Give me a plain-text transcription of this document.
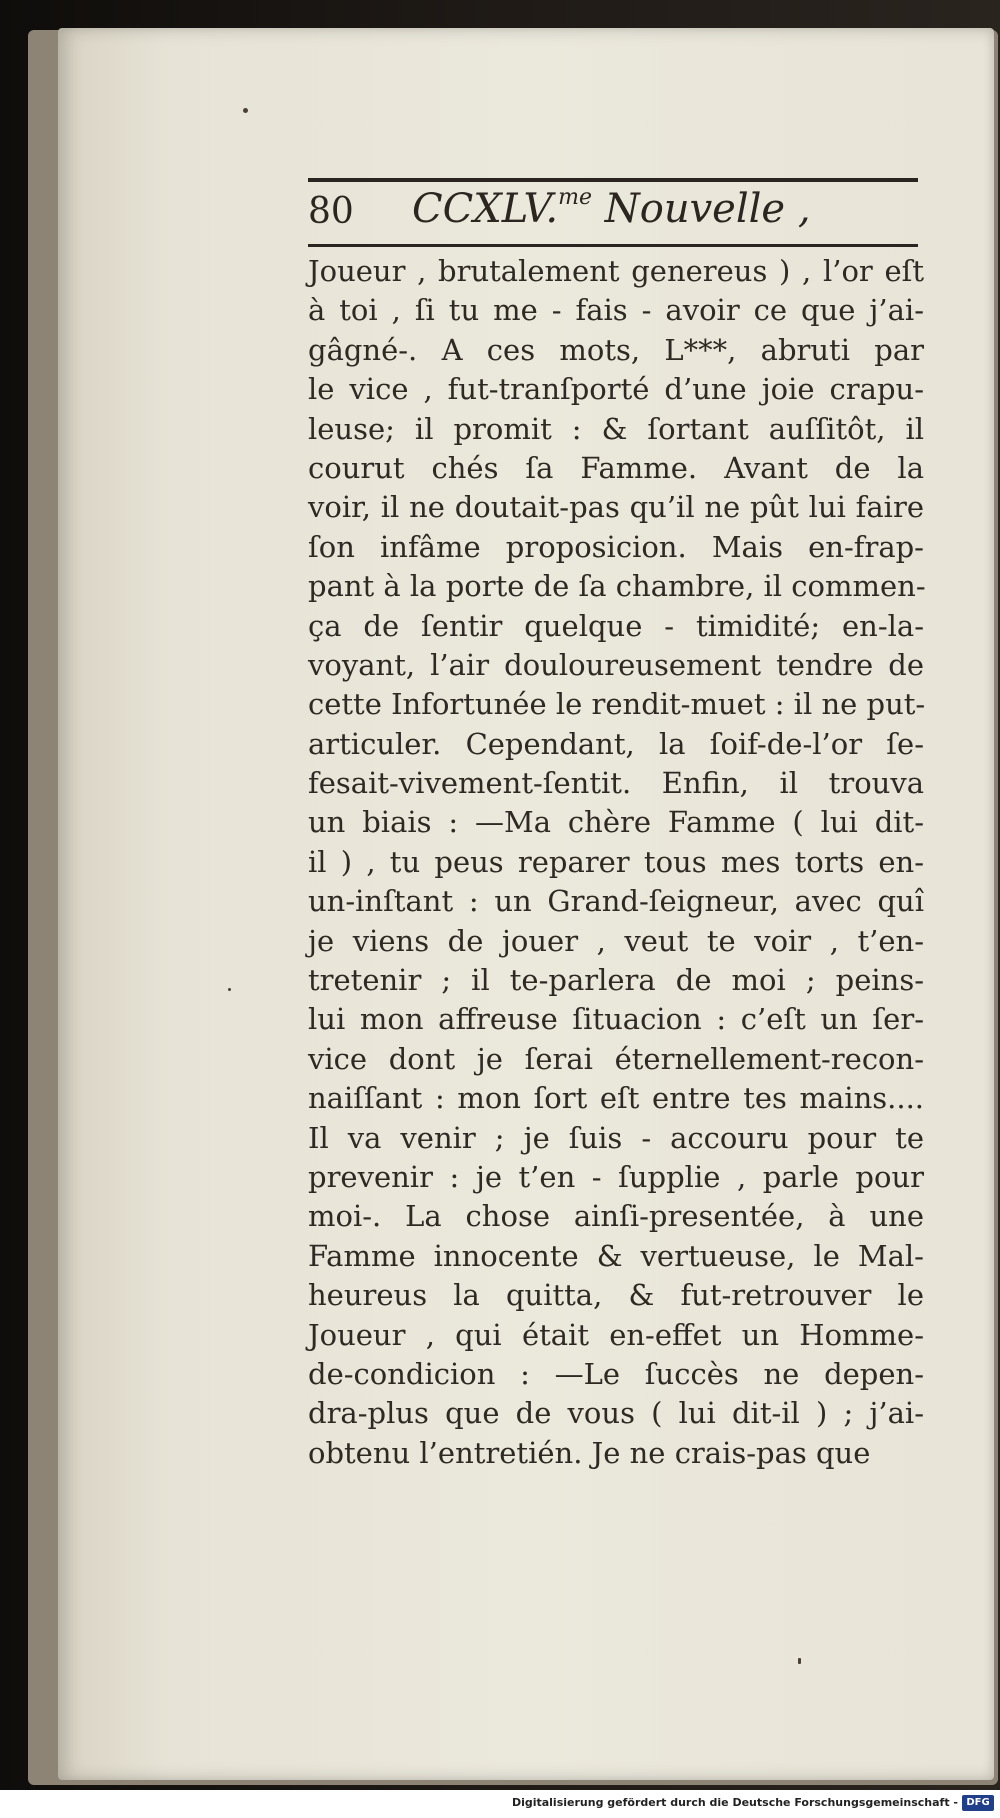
80 CCXLV.$^{me}$ Nouvelle ,
Joueur , brutalement genereus ) , l’or eſt
à toi , ſi tu me - fais - avoir ce que j’ai-
gâgné-. A ces mots, L***, abruti par
le vice , fut-tranſporté d’une joie crapu-
leuse; il promit : & ſortant auſſitôt, il
courut chés ſa Famme. Avant de la
voir, il ne doutait-pas qu’il ne pût lui faire
ſon infâme proposicion. Mais en-frap-
pant à la porte de ſa chambre, il commen-
ça de ſentir quelque - timidité; en-la-
voyant, l’air douloureusement tendre de
cette Infortunée le rendit-muet : il ne put-
articuler. Cependant, la ſoif-de-l’or ſe-
fesait-vivement-ſentit. Enfin, il trouva
un biais : —Ma chère Famme ( lui dit-
il ) , tu peus reparer tous mes torts en-
un-inſtant : un Grand-ſeigneur, avec quî
je viens de jouer , veut te voir , t’en-
tretenir ; il te-parlera de moi ; peins-
lui mon affreuse ſituacion : c’eſt un ſer-
vice dont je ſerai éternellement-recon-
naiſſant : mon ſort eſt entre tes mains....
Il va venir ; je ſuis - accouru pour te
prevenir : je t’en - ſupplie , parle pour
moi-. La chose ainſi-presentée, à une
Famme innocente & vertueuse, le Mal-
heureus la quitta, & fut-retrouver le
Joueur , qui était en-effet un Homme-
de-condicion : —Le ſuccès ne depen-
dra-plus que de vous ( lui dit-il ) ; j’ai-
obtenu l’entretién. Je ne crais-pas que
Digitalisierung gefördert durch die Deutsche Forschungsgemeinschaft - DFG
